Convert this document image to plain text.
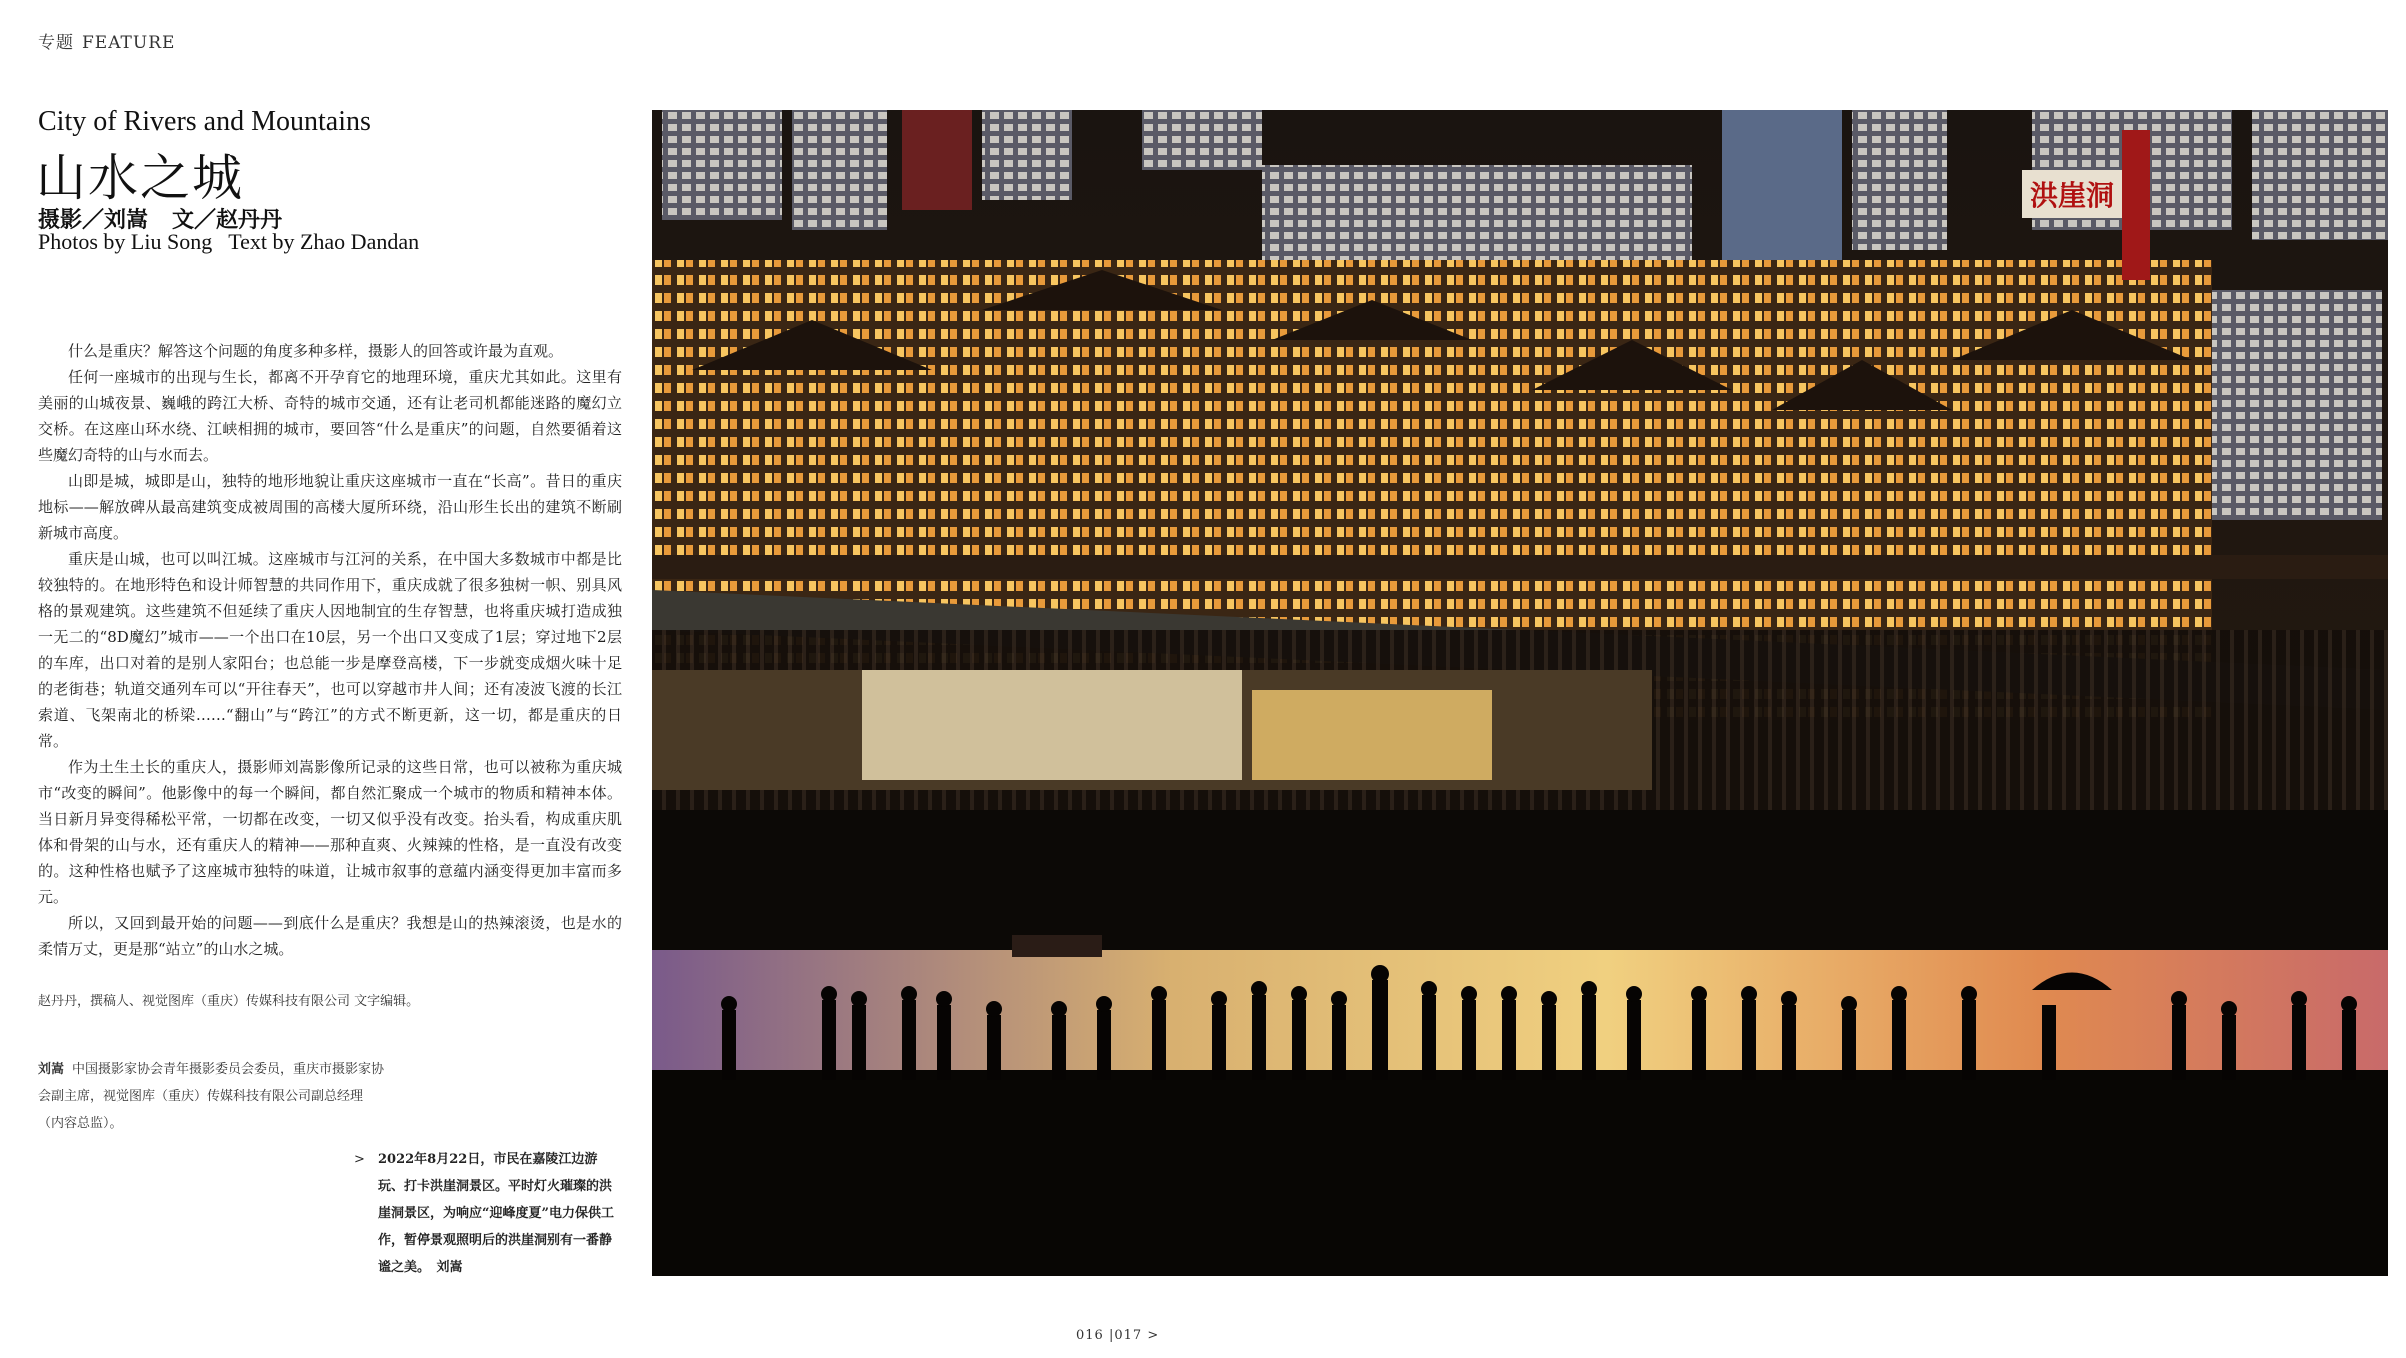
专题 FEATURE
City of Rivers and Mountains
山水之城
摄影／刘嵩 文／赵丹丹
Photos by Liu Song Text by Zhao Dandan

什么是重庆？解答这个问题的角度多种多样，摄影人的回答或许最为直观。

任何一座城市的出现与生长，都离不开孕育它的地理环境，重庆尤其如此。这里有美丽的山城夜景、巍峨的跨江大桥、奇特的城市交通，还有让老司机都能迷路的魔幻立交桥。在这座山环水绕、江峡相拥的城市，要回答“什么是重庆”的问题，自然要循着这些魔幻奇特的山与水而去。

山即是城，城即是山，独特的地形地貌让重庆这座城市一直在“长高”。昔日的重庆地标——解放碑从最高建筑变成被周围的高楼大厦所环绕，沿山形生长出的建筑不断刷新城市高度。

重庆是山城，也可以叫江城。这座城市与江河的关系，在中国大多数城市中都是比较独特的。在地形特色和设计师智慧的共同作用下，重庆成就了很多独树一帜、别具风格的景观建筑。这些建筑不但延续了重庆人因地制宜的生存智慧，也将重庆城打造成独一无二的“8D魔幻”城市——一个出口在10层，另一个出口又变成了1层；穿过地下2层的车库，出口对着的是别人家阳台；也总能一步是摩登高楼，下一步就变成烟火味十足的老街巷；轨道交通列车可以“开往春天”，也可以穿越市井人间；还有凌波飞渡的长江索道、飞架南北的桥梁……“翻山”与“跨江”的方式不断更新，这一切，都是重庆的日常。

作为土生土长的重庆人，摄影师刘嵩影像所记录的这些日常，也可以被称为重庆城市“改变的瞬间”。他影像中的每一个瞬间，都自然汇聚成一个城市的物质和精神本体。当日新月异变得稀松平常，一切都在改变，一切又似乎没有改变。抬头看，构成重庆肌体和骨架的山与水，还有重庆人的精神——那种直爽、火辣辣的性格，是一直没有改变的。这种性格也赋予了这座城市独特的味道，让城市叙事的意蕴内涵变得更加丰富而多元。

所以，又回到最开始的问题——到底什么是重庆？我想是山的热辣滚烫，也是水的柔情万丈，更是那“站立”的山水之城。

赵丹丹，撰稿人、视觉图库（重庆）传媒科技有限公司 文字编辑。
刘嵩 中国摄影家协会青年摄影委员会委员，重庆市摄影家协会副主席，视觉图库（重庆）传媒科技有限公司副总经理（内容总监）。
> 2022年8月22日，市民在嘉陵江边游玩、打卡洪崖洞景区。平时灯火璀璨的洪崖洞景区，为响应“迎峰度夏”电力保供工作，暂停景观照明后的洪崖洞别有一番静谧之美。　刘嵩
洪崖洞
016 |017 >
